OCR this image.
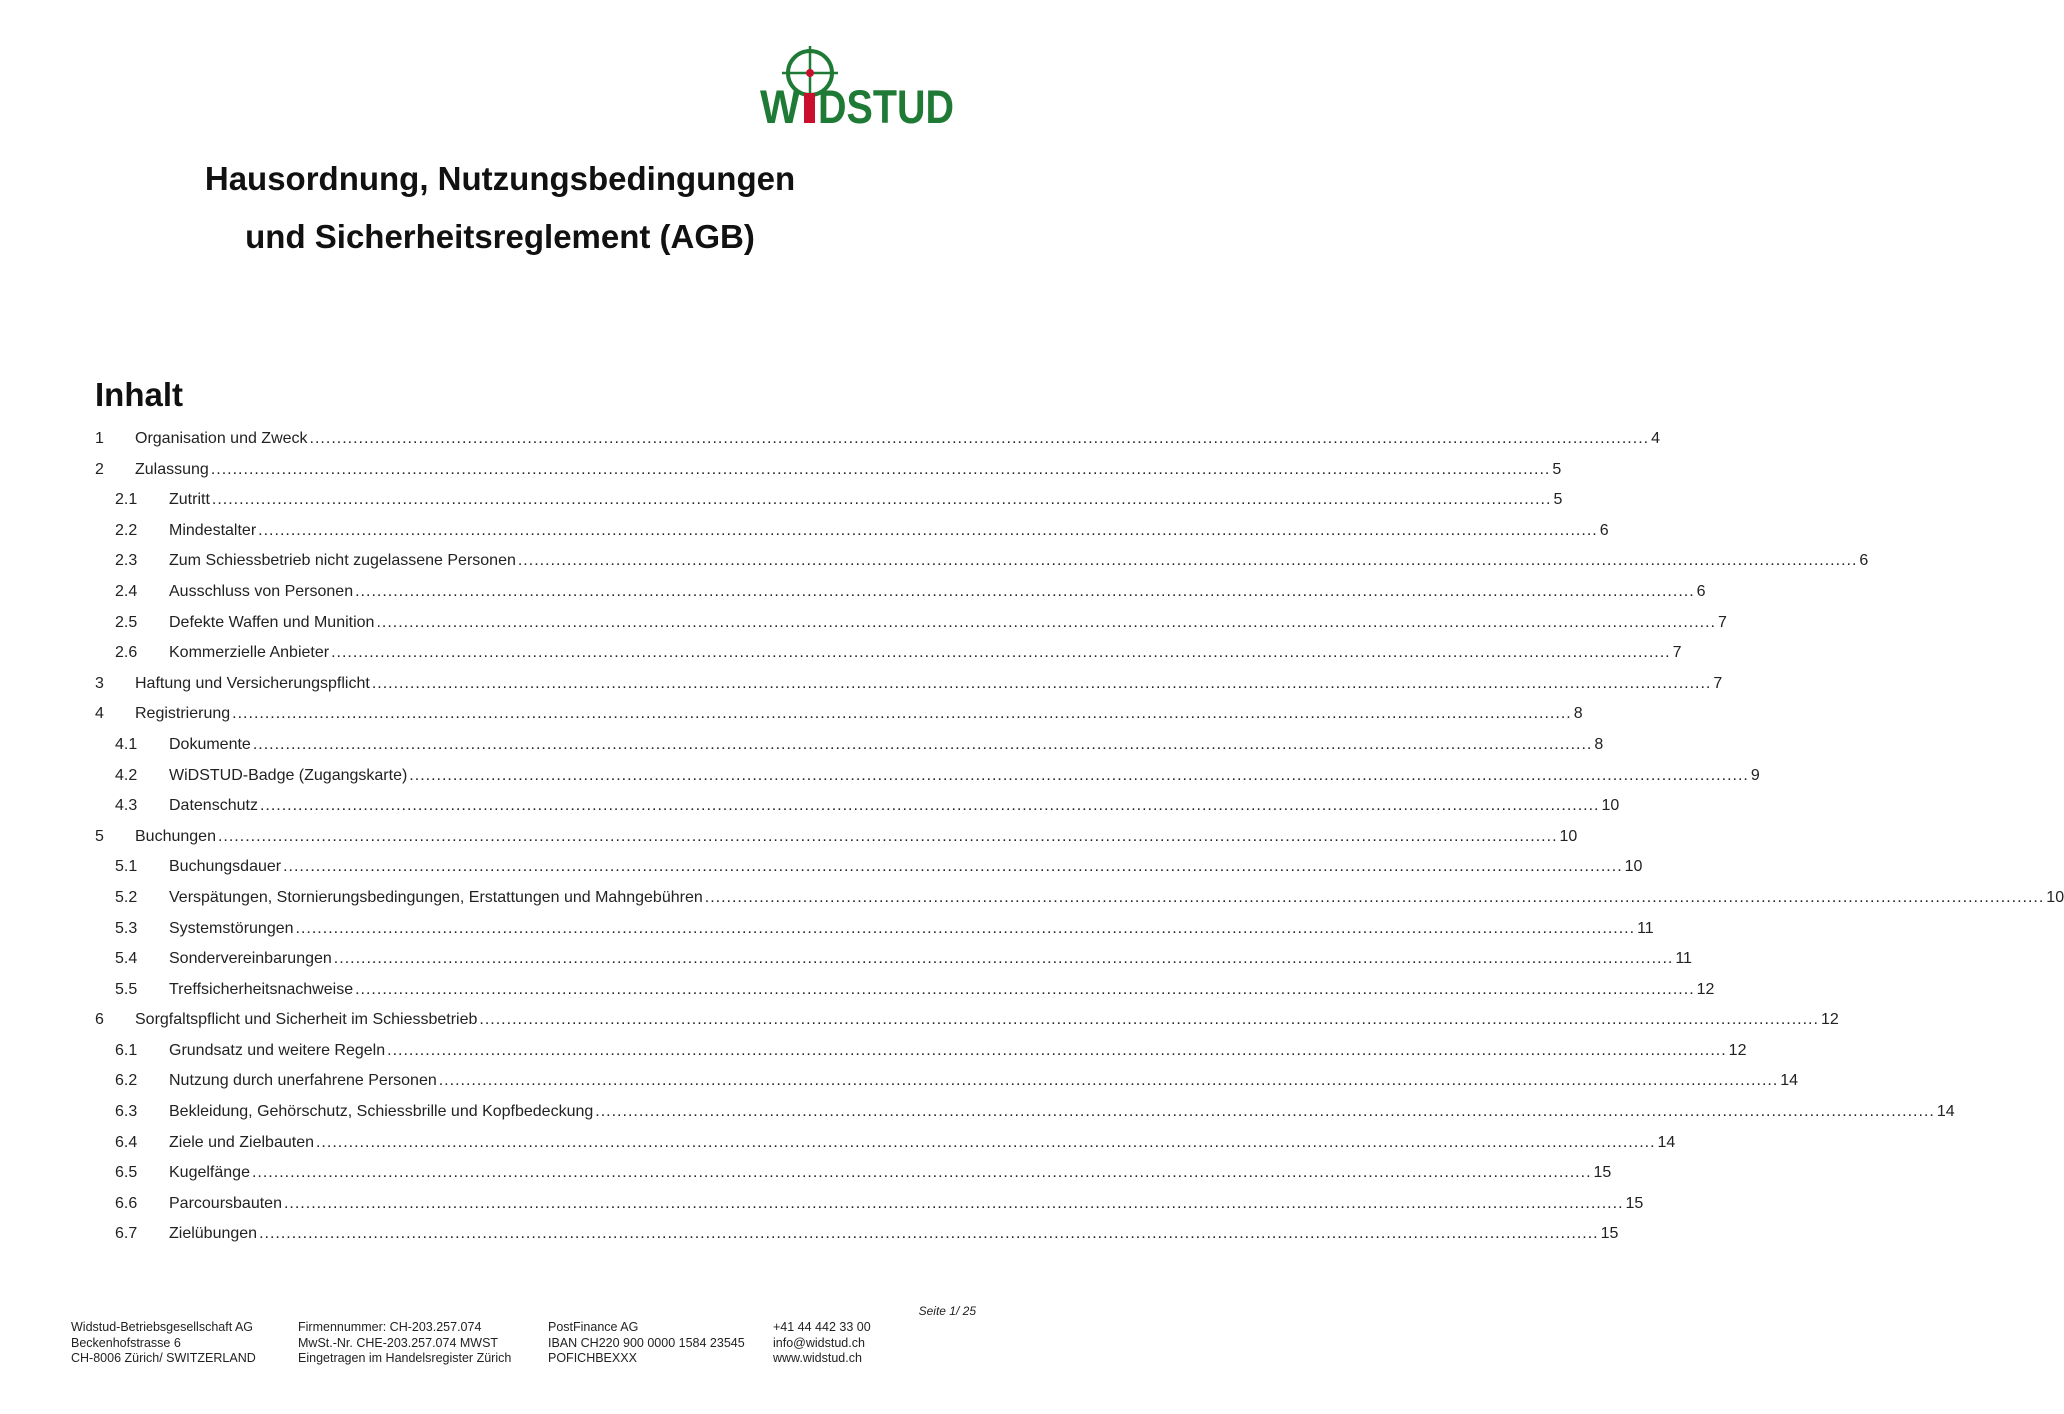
W DSTUD
Hausordnung, Nutzungsbedingungen
und Sicherheitsreglement (AGB)
Inhalt
1	Organisation und Zweck .....	4
2	Zulassung .....	5
2.1	Zutritt .....	5
2.2	Mindestalter .....	6
2.3	Zum Schiessbetrieb nicht zugelassene Personen .....	6
2.4	Ausschluss von Personen .....	6
2.5	Defekte Waffen und Munition .....	7
2.6	Kommerzielle Anbieter .....	7
3	Haftung und Versicherungspflicht .....	7
4	Registrierung .....	8
4.1	Dokumente .....	8
4.2	WiDSTUD-Badge (Zugangskarte) .....	9
4.3	Datenschutz .....	10
5	Buchungen .....	10
5.1	Buchungsdauer .....	10
5.2	Verspätungen, Stornierungsbedingungen, Erstattungen und Mahngebühren .....	10
5.3	Systemstörungen .....	11
5.4	Sondervereinbarungen .....	11
5.5	Treffsicherheitsnachweise .....	12
6	Sorgfaltspflicht und Sicherheit im Schiessbetrieb .....	12
6.1	Grundsatz und weitere Regeln .....	12
6.2	Nutzung durch unerfahrene Personen .....	14
6.3	Bekleidung, Gehörschutz, Schiessbrille und Kopfbedeckung .....	14
6.4	Ziele und Zielbauten .....	14
6.5	Kugelfänge .....	15
6.6	Parcoursbauten .....	15
6.7	Zielübungen .....	15
Seite 1/ 25
Widstud-Betriebsgesellschaft AG
Beckenhofstrasse 6
CH-8006 Zürich/ SWITZERLAND
Firmennummer: CH-203.257.074
MwSt.-Nr. CHE-203.257.074 MWST
Eingetragen im Handelsregister Zürich
PostFinance AG
IBAN CH220 900 0000 1584 23545
POFICHBEXXX
+41 44 442 33 00
info@widstud.ch
www.widstud.ch
